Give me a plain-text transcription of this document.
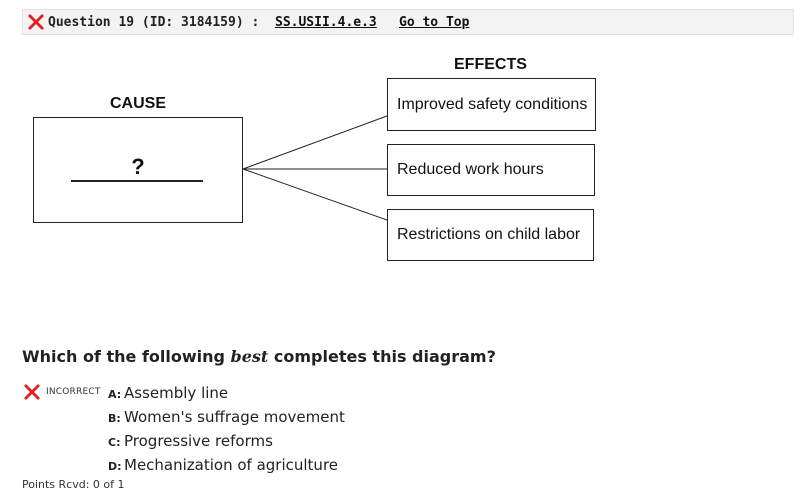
Question 19 (ID: 3184159) : SS.USII.4.e.3 Go to Top
CAUSE
EFFECTS
?
Improved safety conditions
Reduced work hours
Restrictions on child labor
Which of the following best completes this diagram?
INCORRECT A: Assembly line
B: Women's suffrage movement
C: Progressive reforms
D: Mechanization of agriculture
Points Rcvd: 0 of 1
